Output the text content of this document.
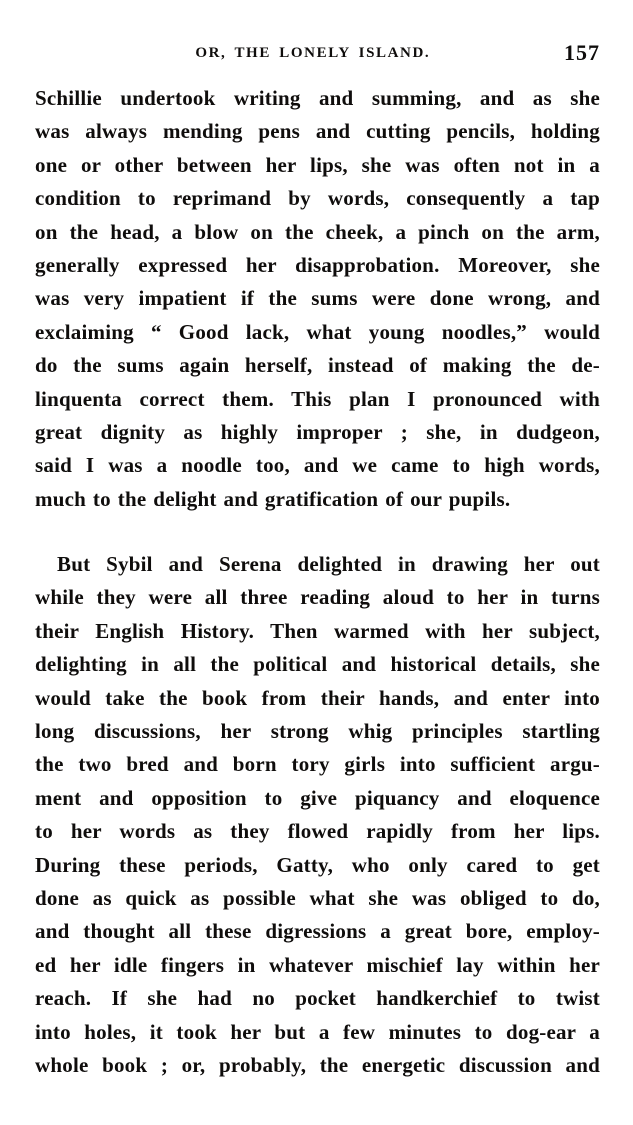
OR, THE LONELY ISLAND.	157
Schillie undertook writing and summing, and as she
was always mending pens and cutting pencils, holding
one or other between her lips, she was often not in a
condition to reprimand by words, consequently a tap
on the head, a blow on the cheek, a pinch on the arm,
generally expressed her disapprobation. Moreover, she
was very impatient if the sums were done wrong, and
exclaiming “ Good lack, what young noodles,” would
do the sums again herself, instead of making the de-
linquenta correct them. This plan I pronounced with
great dignity as highly improper ; she, in dudgeon,
said I was a noodle too, and we came to high words,
much to the delight and gratification of our pupils.
But Sybil and Serena delighted in drawing her out
while they were all three reading aloud to her in turns
their English History. Then warmed with her subject,
delighting in all the political and historical details, she
would take the book from their hands, and enter into
long discussions, her strong whig principles startling
the two bred and born tory girls into sufficient argu-
ment and opposition to give piquancy and eloquence
to her words as they flowed rapidly from her lips.
During these periods, Gatty, who only cared to get
done as quick as possible what she was obliged to do,
and thought all these digressions a great bore, employ-
ed her idle fingers in whatever mischief lay within her
reach. If she had no pocket handkerchief to twist
into holes, it took her but a few minutes to dog-ear a
whole book ; or, probably, the energetic discussion and
